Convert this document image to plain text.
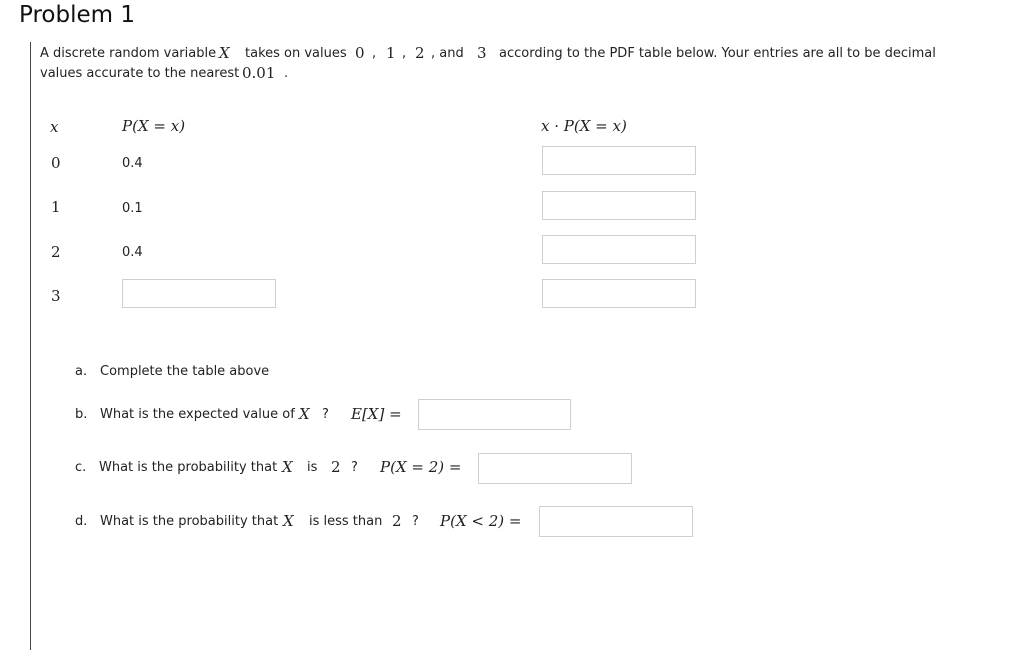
Problem 1
A discrete random variable X takes on values 0 , 1 , 2 , and 3 according to the PDF table below. Your entries are all to be decimal
values accurate to the nearest 0.01 .
x	P(X = x)	x · P(X = x)
0	0.4
1	0.1
2	0.4
3
a. Complete the table above
b. What is the expected value of X ? E[X] =
c. What is the probability that X is 2 ? P(X = 2) =
d. What is the probability that X is less than 2 ? P(X < 2) =
